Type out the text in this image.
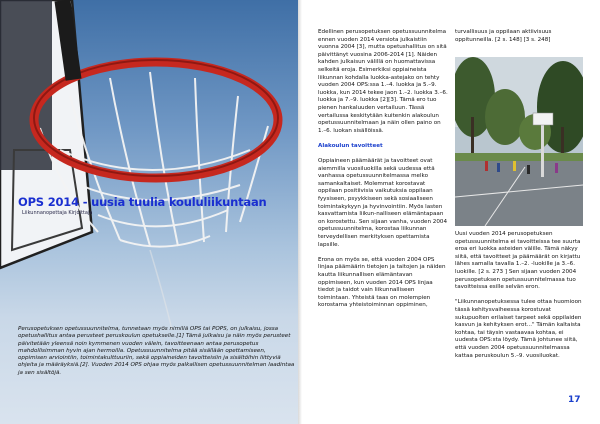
OPS 2014 - uusia tuulia koululiikuntaan
Liikunnanopettaja Kirjoittaja
Perusopetuksen opetussuunnitelma, tunnetaan myös nimillä OPS tai POPS, on julkaisu, jossa opetushallitus antaa perusteet peruskoulun opetukselle.[1] Tämä julkaisu ja näin myös perusteet päivitetään yleensä noin kymmenen vuoden välein, tavoitteenaan antaa perusopetus mahdollisimman hyvin ajan hermoilla. Opetussuunnitelma pitää sisällään opettamiseen, oppimisen arviointiin, toimintakulttuuriin, sekä oppiaineiden tavoitteisiin ja sisältöihin liittyviä ohjeita ja määräyksiä.[2]. Vuoden 2014 OPS ohjaa myös palkallisen opetussuunnitelman laadintaa ja sen sisältöjä.

Edellinen perusopetuksen opetussuunnitelma ennen vuoden 2014 versiota julkaistiin vuonna 2004 [3], mutta opetushallitus on sitä päivittänyt vuosina 2006-2014 [1]. Näiden kahden julkaisun välillä on huomattavissa selkeitä eroja. Esimerkiksi oppiaineista liikunnan kohdalla luokka-astejako on tehty vuoden 2004 OPS:ssa 1.–4. luokka ja 5.–9. luokka, kun 2014 tekee jaon 1.–2. luokka 3.–6. luokka ja 7.–9. luokka [2][3]. Tämä ero tuo pienen hankaluuden vertailuun. Tässä vertailussa keskitytään kuitenkin alakoulun opetussuunnitelmaan ja näin ollen paino on 1.–6. luokan sisällöissä.

Alakoulun tavoitteet

Oppiaineen päämäärät ja tavoitteet ovat aiemmilla vuosiluokilla sekä uudessa että vanhassa opetussuunnitelmassa melko samankaltaiset. Molemmat korostavat oppilaan positiivisia vaikutuksia oppilaan fyysiseen, psyykkiseen sekä sosiaaliseen toimintakykyyn ja hyvinvointiin. Myös lasten kasvattamista liikun-nalliseen elämäntapaan on korostettu. Sen sijaan vanha, vuoden 2004 opetussuunnitelma, korostaa liikunnan terveydellisen merkityksen opettamista lapsille.

Erona on myös se, että vuoden 2004 OPS linjaa päämäärin tietojen ja taitojen ja näiden kautta liikunnallisen elämäntavan oppimiseen, kun vuoden 2014 OPS linjaa tiedot ja taidot vain liikunnalliseen toimintaan. Yhteistä taas on molempien korostama yhteistoiminnan oppiminen,

turvallisuus ja oppilaan aktiivisuus oppitunneilla. [2 s. 148] [3 s. 248]

Uusi vuoden 2014 perusopetuksen opetussuunnitelma ei tavoitteissa tee suurta eroa eri luokka asteiden välille. Tämä näkyy siitä, että tavoitteet ja päämäärät on kirjattu lähes samalla tavalla 1.–2. -luokille ja 3.–6. luokille. [2 s. 273 ] Sen sijaan vuoden 2004 perusopetuksen opetussuunnitelmassa tuo tavoitteissa esille selvän eron.

"Liikunnanopetuksessa tulee ottaa huomioon tässä kehitysvaiheessa korostuvat sukupuolten erilaiset tarpeet sekä oppilaiden kasvun ja kehityksen erot..." Tämän kaltaista kohtaa, tai täysin vastaavaa kohtaa, ei uudesta OPS:sta löydy. Tämä johtunee siitä, että vuoden 2004 opetussuunnitelmassa kattaa peruskoulun 5.–9. vuosiluokat.

17
